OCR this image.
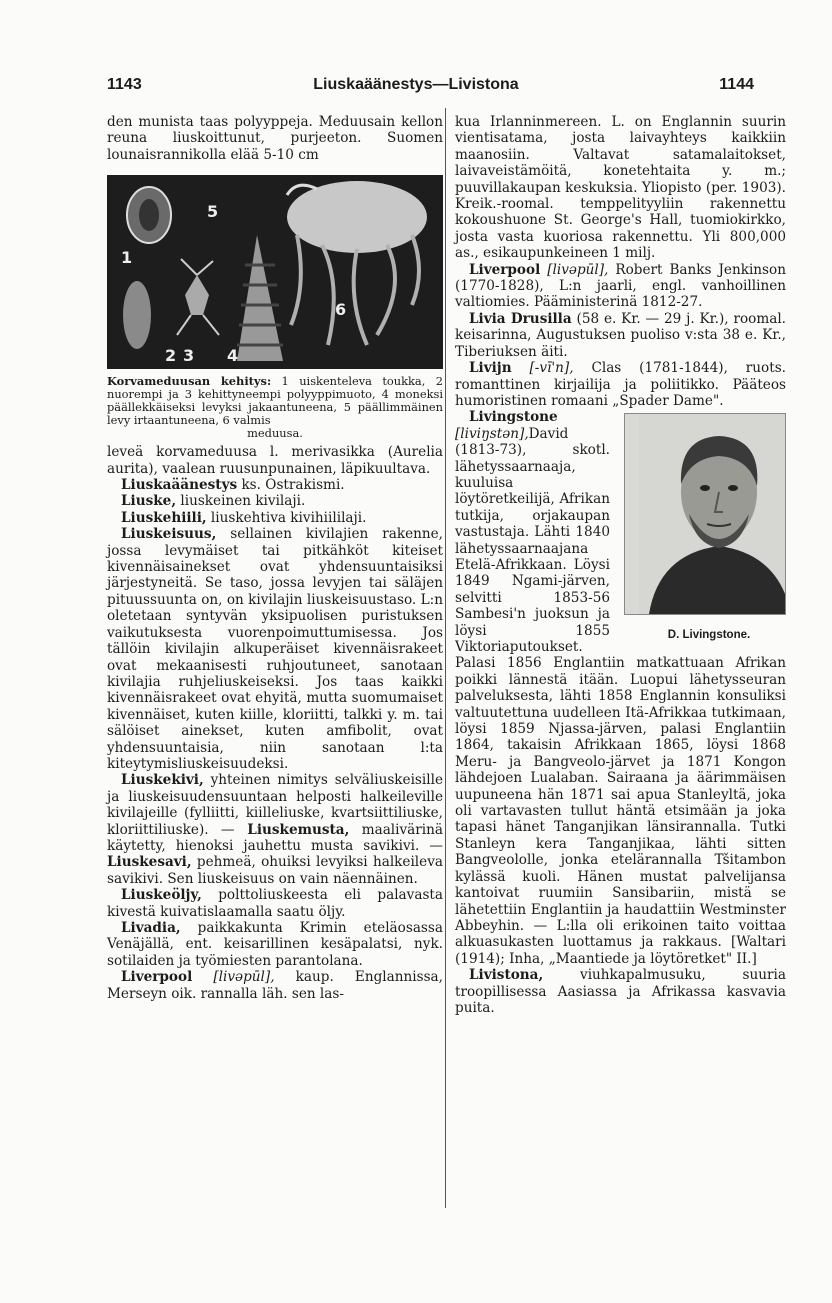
1143	Liuskaäänestys—Livistona	1144

den munista taas polyyppeja. Meduusain kellon reuna liuskoittunut, purjeeton. Suomen lounaisrannikolla elää 5-10 cm

1
2 3 4
5
6
Korvameduusan kehitys: 1 uiskenteleva toukka, 2 nuorempi ja 3 kehittyneempi polyyppimuoto, 4 moneksi päällekkäiseksi levyksi jakaantuneena, 5 päällimmäinen levy irtaantuneena, 6 valmis
meduusa.

leveä korvameduusa l. merivasikka (Aurelia aurita), vaalean ruusunpunainen, läpikuultava.

Liuskaäänestys ks. Ostrakismi.

Liuske, liuskeinen kivilaji.

Liuskehiili, liuskehtiva kivihiililaji.

Liuskeisuus, sellainen kivilajien rakenne, jossa levymäiset tai pitkähköt kiteiset kivennäisainekset ovat yhdensuuntaisiksi järjestyneitä. Se taso, jossa levyjen tai säläjen pituussuunta on, on kivilajin liuskeisuustaso. L:n oletetaan syntyvän yksipuolisen puristuksen vaikutuksesta vuorenpoimuttumisessa. Jos tällöin kivilajin alkuperäiset kivennäisrakeet ovat mekaanisesti ruhjoutuneet, sanotaan kivilajia ruhjeliuskeiseksi. Jos taas kaikki kivennäisrakeet ovat ehyitä, mutta suomumaiset kivennäiset, kuten kiille, kloriitti, talkki y. m. tai sälöiset ainekset, kuten amfibolit, ovat yhdensuuntaisia, niin sanotaan l:ta kiteytymisliuskeisuudeksi.

Liuskekivi, yhteinen nimitys selväliuskeisille ja liuskeisuudensuuntaan helposti halkeileville kivilajeille (fylliitti, kiilleliuske, kvartsiittiliuske, kloriittiliuske). — Liuskemusta, maalivärinä käytetty, hienoksi jauhettu musta savikivi. — Liuskesavi, pehmeä, ohuiksi levyiksi halkeileva savikivi. Sen liuskeisuus on vain näennäinen.

Liuskeöljy, polttoliuskeesta eli palavasta kivestä kuivatislaamalla saatu öljy.

Livadia, paikkakunta Krimin eteläosassa Venäjällä, ent. keisarillinen kesäpalatsi, nyk. sotilaiden ja työmiesten parantolana.

Liverpool [livəpūl], kaup. Englannissa, Merseyn oik. rannalla läh. sen las-

kua Irlanninmereen. L. on Englannin suurin vientisatama, josta laivayhteys kaikkiin maanosiin. Valtavat satamalaitokset, laivaveistämöitä, konetehtaita y. m.; puuvillakaupan keskuksia. Yliopisto (per. 1903). Kreik.-roomal. temppelityyliin rakennettu kokoushuone St. George's Hall, tuomiokirkko, josta vasta kuoriosa rakennettu. Yli 800,000 as., esikaupunkeineen 1 milj.

Liverpool [livəpūl], Robert Banks Jenkinson (1770-1828), L:n jaarli, engl. vanhoillinen valtiomies. Pääministerinä 1812-27.

Livia Drusilla (58 e. Kr. — 29 j. Kr.), roomal. keisarinna, Augustuksen puoliso v:sta 38 e. Kr., Tiberiuksen äiti.

Livijn [-vī'n], Clas (1781-1844), ruots. romanttinen kirjailija ja poliitikko. Pääteos humoristinen romaani „Spader Dame".

D. Livingstone.
Livingstone [liviŋstən],David (1813-73), skotl. lähetyssaarnaaja, kuuluisa löytöretkeilijä, Afrikan tutkija, orjakaupan vastustaja. Lähti 1840 lähetyssaarnaajana Etelä-Afrikkaan. Löysi 1849 Ngami-järven, selvitti 1853-56 Sambesi'n juoksun ja löysi 1855 Viktoriaputoukset. Palasi 1856 Englantiin matkattuaan Afrikan poikki lännestä itään. Luopui lähetysseuran palveluksesta, lähti 1858 Englannin konsuliksi valtuutettuna uudelleen Itä-Afrikkaa tutkimaan, löysi 1859 Njassa-järven, palasi Englantiin 1864, takaisin Afrikkaan 1865, löysi 1868 Meru- ja Bangveolo-järvet ja 1871 Kongon lähdejoen Lualaban. Sairaana ja äärimmäisen uupuneena hän 1871 sai apua Stanleyltä, joka oli vartavasten tullut häntä etsimään ja joka tapasi hänet Tanganjikan länsirannalla. Tutki Stanleyn kera Tanganjikaa, lähti sitten Bangveololle, jonka etelärannalla Tšitambon kylässä kuoli. Hänen mustat palvelijansa kantoivat ruumiin Sansibariin, mistä se lähetettiin Englantiin ja haudattiin Westminster Abbeyhin. — L:lla oli erikoinen taito voittaa alkuasukasten luottamus ja rakkaus. [Waltari (1914); Inha, „Maantiede ja löytöretket" II.]

Livistona, viuhkapalmusuku, suuria troopillisessa Aasiassa ja Afrikassa kasvavia puita.
